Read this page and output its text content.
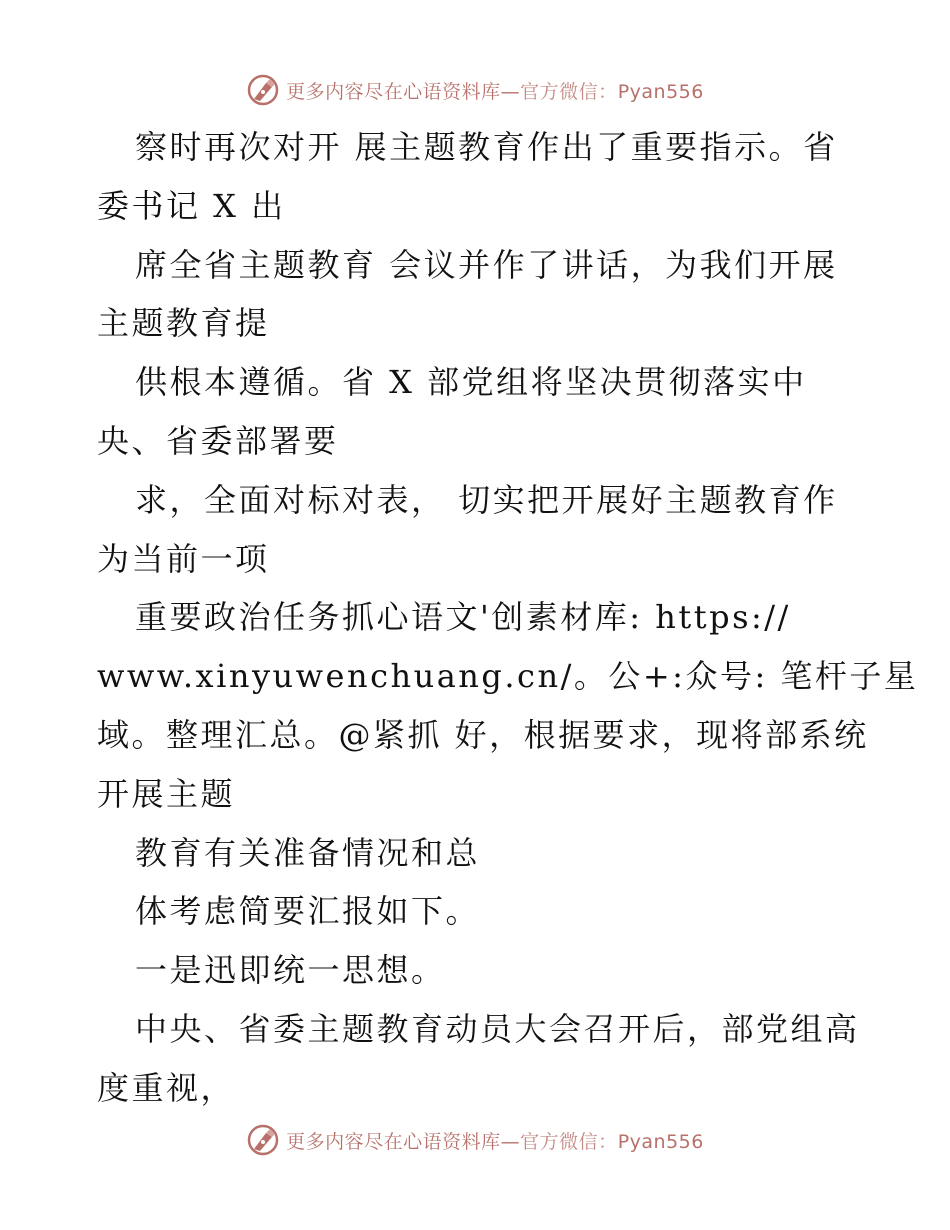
更多内容尽在心语资料库—官方微信：Pyan556
察时再次对开 展主题教育作出了重要指示。省
委书记 X 出
席全省主题教育 会议并作了讲话，为我们开展
主题教育提
供根本遵循。省 X 部党组将坚决贯彻落实中
央、省委部署要
求，全面对标对表， 切实把开展好主题教育作
为当前一项
重要政治任务抓心语文'创素材库: https://
www.xinyuwenchuang.cn/。公+:众号: 笔杆子星
域。整理汇总。@紧抓 好，根据要求，现将部系统
开展主题
教育有关准备情况和总
体考虑简要汇报如下。
一是迅即统一思想。
中央、省委主题教育动员大会召开后，部党组高
度重视，
更多内容尽在心语资料库—官方微信：Pyan556
